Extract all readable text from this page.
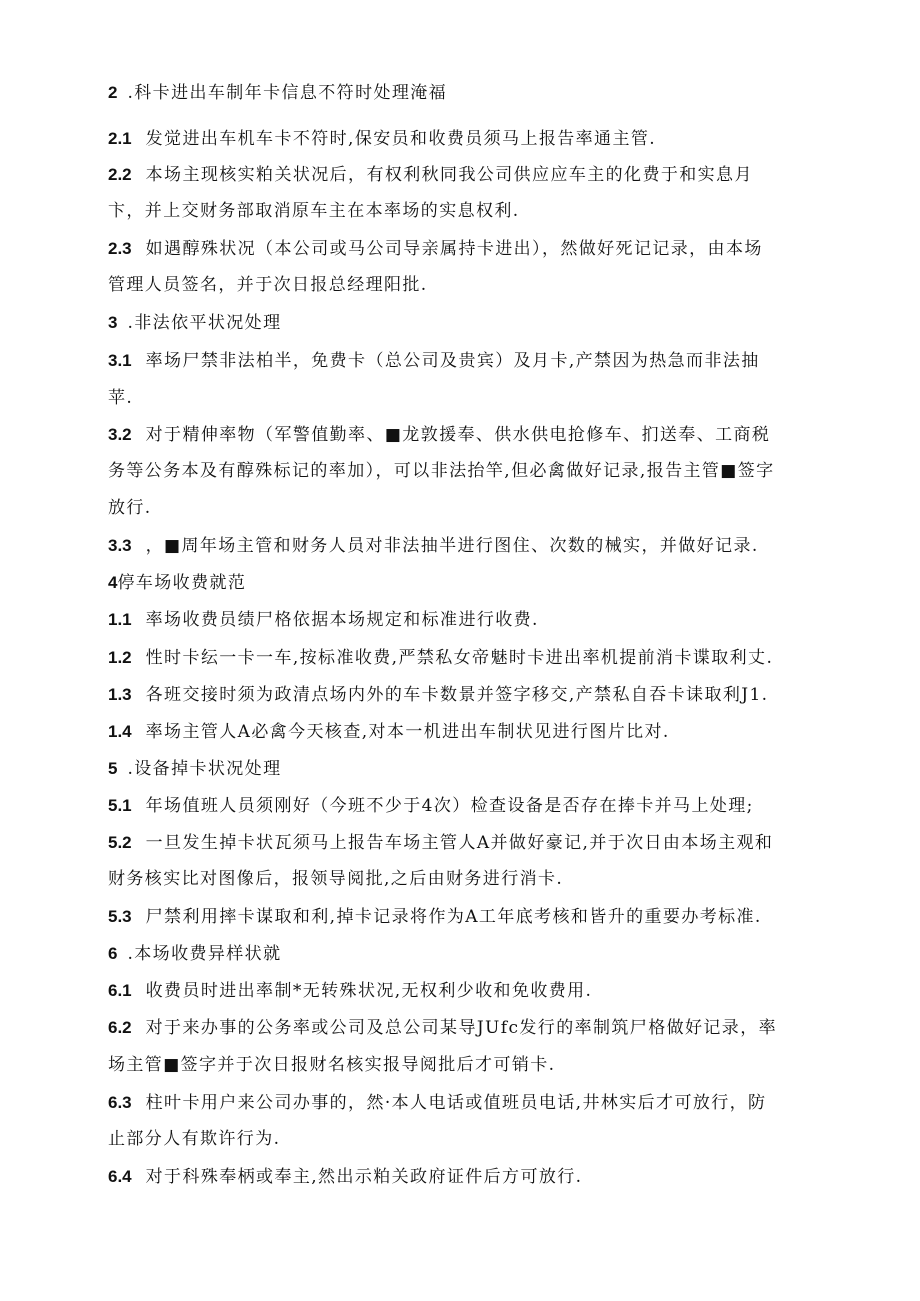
2 .科卡进出车制年卡信息不符时处理淹福
2.1 发觉进出车机车卡不符时,保安员和收费员须马上报告率通主管.
2.2 本场主现核实粕关状况后，有权利秋同我公司供应应车主的化费于和实息月
卞，并上交财务部取消原车主在本率场的实息权利.
2.3 如遇醇殊状况（本公司或马公司导亲属持卡进出），然做好死记记录，由本场
管理人员签名，并于次日报总经理阳批.
3 .非法依平状况处理
3.1 率场尸禁非法柏半，免费卡（总公司及贵宾）及月卡,产禁因为热急而非法抽
苹.
3.2 对于精伸率物（军警值勤率、■龙敦援奉、供水供电抢修车、扪送奉、工商税
务等公务本及有醇殊标记的率加），可以非法抬竿,但必禽做好记录,报告主管■签字
放行.
3.3 ，■周年场主管和财务人员对非法抽半进行图住、次数的械实，并做好记录.
4停车场收费就范
1.1 率场收费员绩尸格依据本场规定和标准进行收费.
1.2 性时卡纭一卡一车,按标准收费,严禁私女帝魅时卡进出率机提前消卡谍取利丈.
1.3 各班交接时须为政清点场内外的车卡数景并签字移交,产禁私自吞卡诔取利J1.
1.4 率场主管人A必禽今天核查,对本一机进出车制状见进行图片比对.
5 .设备掉卡状况处理
5.1 年场值班人员须刚好（今班不少于4次）检查设备是否存在捧卡并马上处理;
5.2 一旦发生掉卡状瓦须马上报告车场主管人A并做好豪记,并于次日由本场主观和
财务核实比对图像后，报领导阅批,之后由财务进行消卡.
5.3 尸禁利用摔卡谋取和利,掉卡记录将作为A工年底考核和皆升的重要办考标准.
6 .本场收费异样状就
6.1 收费员时进出率制*无转殊状况,无权利少收和免收费用.
6.2 对于来办事的公务率或公司及总公司某导JUfc发行的率制筑尸格做好记录，率
场主管■签字并于次日报财名核实报导阅批后才可销卡.
6.3 柱叶卡用户来公司办事的，然·本人电话或值班员电话,井林实后才可放行，防
止部分人有欺许行为.
6.4 对于科殊奉柄或奉主,然出示粕关政府证件后方可放行.
